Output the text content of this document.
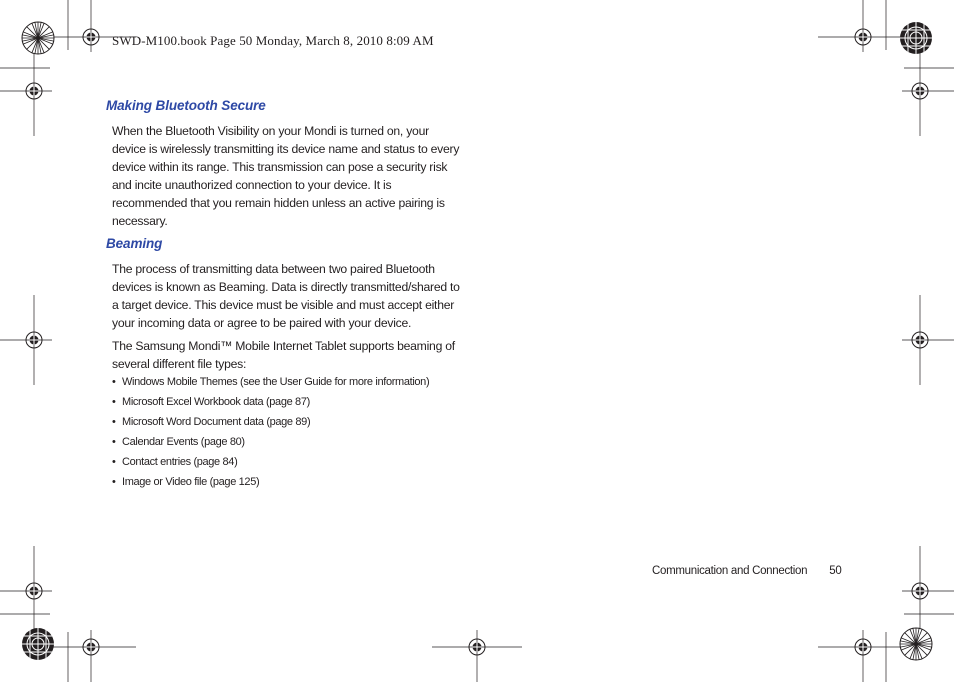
SWD-M100.book Page 50 Monday, March 8, 2010 8:09 AM
Making Bluetooth Secure

When the Bluetooth Visibility on your Mondi is turned on, your device is wirelessly transmitting its device name and status to every device within its range. This transmission can pose a security risk and incite unauthorized connection to your device. It is recommended that you remain hidden unless an active pairing is necessary.

Beaming

The process of transmitting data between two paired Bluetooth devices is known as Beaming. Data is directly transmitted/shared to a target device. This device must be visible and must accept either your incoming data or agree to be paired with your device.

The Samsung Mondi™ Mobile Internet Tablet supports beaming of several different file types:

• Windows Mobile Themes (see the User Guide for more information)
• Microsoft Excel Workbook data (page 87)
• Microsoft Word Document data (page 89)
• Calendar Events (page 80)
• Contact entries (page 84)
• Image or Video file (page 125)
Communication and Connection 50
